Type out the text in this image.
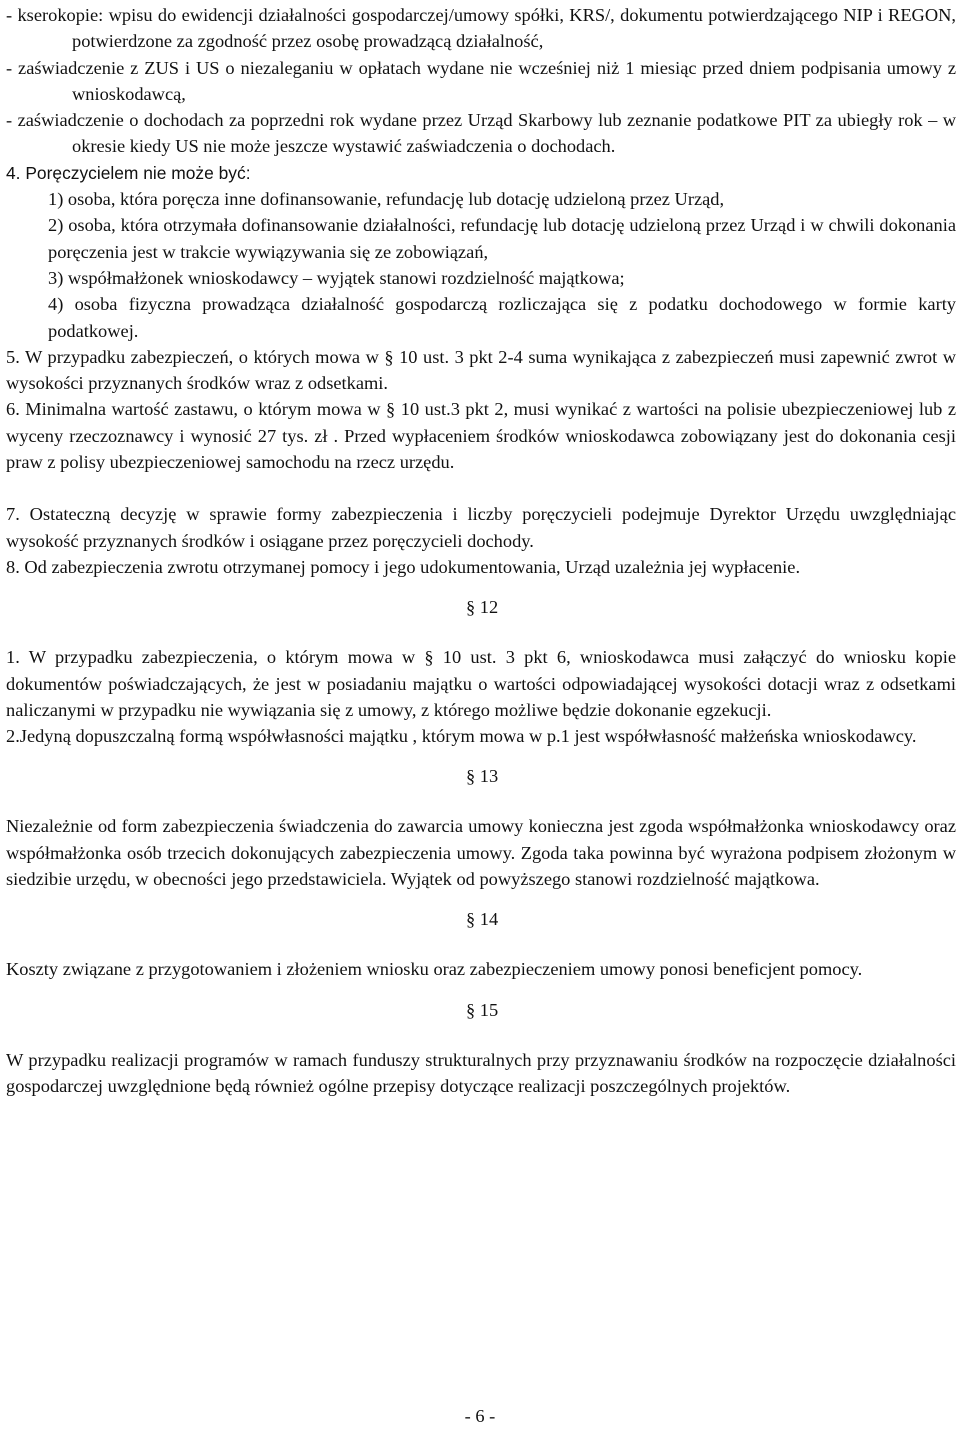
- kserokopie: wpisu do ewidencji działalności gospodarczej/umowy spółki, KRS/, dokumentu potwierdzającego NIP i REGON, potwierdzone za zgodność przez osobę prowadzącą działalność,

- zaświadczenie z ZUS i US o niezaleganiu w opłatach wydane nie wcześniej niż 1 miesiąc przed dniem podpisania umowy z wnioskodawcą,

- zaświadczenie o dochodach za poprzedni rok wydane przez Urząd Skarbowy lub zeznanie podatkowe PIT za ubiegły rok – w okresie kiedy US nie może jeszcze wystawić zaświadczenia o dochodach.

4. Poręczycielem nie może być:

1) osoba, która poręcza inne dofinansowanie, refundację lub dotację udzieloną przez Urząd,

2) osoba, która otrzymała dofinansowanie działalności, refundację lub dotację udzieloną przez Urząd i w chwili dokonania poręczenia jest w trakcie wywiązywania się ze zobowiązań,

3) współmałżonek wnioskodawcy – wyjątek stanowi rozdzielność majątkowa;

4) osoba fizyczna prowadząca działalność gospodarczą rozliczająca się z podatku dochodowego w formie karty podatkowej.

5. W przypadku zabezpieczeń, o których mowa w § 10 ust. 3 pkt 2-4 suma wynikająca z zabezpieczeń musi zapewnić zwrot w wysokości przyznanych środków wraz z odsetkami.

6. Minimalna wartość zastawu, o którym mowa w § 10 ust.3 pkt 2, musi wynikać z wartości na polisie ubezpieczeniowej lub z wyceny rzeczoznawcy i wynosić 27 tys. zł . Przed wypłaceniem środków wnioskodawca zobowiązany jest do dokonania cesji praw z polisy ubezpieczeniowej samochodu na rzecz urzędu.

7. Ostateczną decyzję w sprawie formy zabezpieczenia i liczby poręczycieli podejmuje Dyrektor Urzędu uwzględniając wysokość przyznanych środków i osiągane przez poręczycieli dochody.

8. Od zabezpieczenia zwrotu otrzymanej pomocy i jego udokumentowania, Urząd uzależnia jej wypłacenie.

§ 12

1. W przypadku zabezpieczenia, o którym mowa w § 10 ust. 3 pkt 6, wnioskodawca musi załączyć do wniosku kopie dokumentów poświadczających, że jest w posiadaniu majątku o wartości odpowiadającej wysokości dotacji wraz z odsetkami naliczanymi w przypadku nie wywiązania się z umowy, z którego możliwe będzie dokonanie egzekucji.

2.Jedyną dopuszczalną formą współwłasności majątku , którym mowa w p.1 jest współwłasność małżeńska wnioskodawcy.

§ 13

Niezależnie od form zabezpieczenia świadczenia do zawarcia umowy konieczna jest zgoda współmałżonka wnioskodawcy oraz współmałżonka osób trzecich dokonujących zabezpieczenia umowy. Zgoda taka powinna być wyrażona podpisem złożonym w siedzibie urzędu, w obecności jego przedstawiciela. Wyjątek od powyższego stanowi rozdzielność majątkowa.

§ 14

Koszty związane z przygotowaniem i złożeniem wniosku oraz zabezpieczeniem umowy ponosi beneficjent pomocy.

§ 15

W przypadku realizacji programów w ramach funduszy strukturalnych przy przyznawaniu środków na rozpoczęcie działalności gospodarczej uwzględnione będą również ogólne przepisy dotyczące realizacji poszczególnych projektów.

- 6 -
